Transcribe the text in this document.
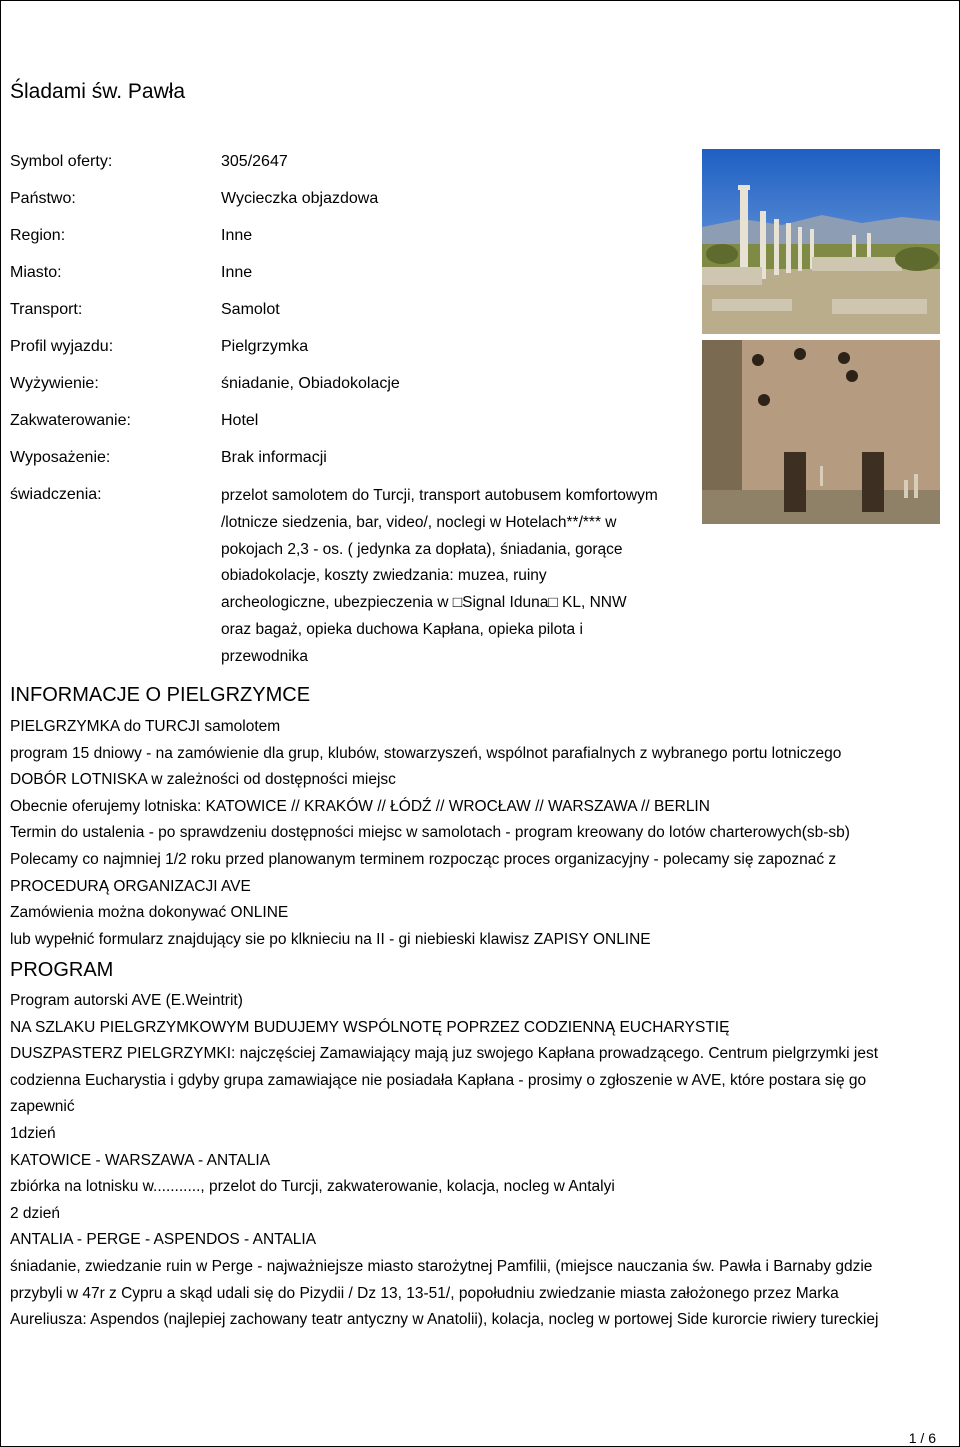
Śladami św. Pawła
Symbol oferty:	305/2647
Państwo:	Wycieczka objazdowa
Region:	Inne
Miasto:	Inne
Transport:	Samolot
Profil wyjazdu:	Pielgrzymka
Wyżywienie:	śniadanie, Obiadokolacje
Zakwaterowanie:	Hotel
Wyposażenie:	Brak informacji
świadczenia:	przelot samolotem do Turcji, transport autobusem komfortowym
/lotnicze siedzenia, bar, video/, noclegi w Hotelach**/*** w
pokojach 2,3 - os. ( jedynka za dopłata), śniadania, gorące
obiadokolacje, koszty zwiedzania: muzea, ruiny
archeologiczne, ubezpieczenia w □Signal Iduna□ KL, NNW
oraz bagaż, opieka duchowa Kapłana, opieka pilota i
przewodnika
INFORMACJE O PIELGRZYMCE

PIELGRZYMKA do TURCJI samolotem

program 15 dniowy - na zamówienie dla grup, klubów, stowarzyszeń, wspólnot parafialnych z wybranego portu lotniczego

DOBÓR LOTNISKA w zależności od dostępności miejsc

Obecnie oferujemy lotniska: KATOWICE // KRAKÓW // ŁÓDŹ // WROCŁAW // WARSZAWA // BERLIN

Termin do ustalenia - po sprawdzeniu dostępności miejsc w samolotach - program kreowany do lotów charterowych(sb-sb)

Polecamy co najmniej 1/2 roku przed planowanym terminem rozpocząc proces organizacyjny - polecamy się zapoznać z

PROCEDURĄ ORGANIZACJI AVE

Zamówienia można dokonywać ONLINE

lub wypełnić formularz znajdujący sie po klknieciu na II - gi niebieski klawisz ZAPISY ONLINE

PROGRAM

Program autorski AVE (E.Weintrit)

NA SZLAKU PIELGRZYMKOWYM BUDUJEMY WSPÓLNOTĘ POPRZEZ CODZIENNĄ EUCHARYSTIĘ

DUSZPASTERZ PIELGRZYMKI: najczęściej Zamawiający mają juz swojego Kapłana prowadzącego. Centrum pielgrzymki jest

codzienna Eucharystia i gdyby grupa zamawiające nie posiadała Kapłana - prosimy o zgłoszenie w AVE, które postara się go

zapewnić

1dzień

KATOWICE - WARSZAWA - ANTALIA

zbiórka na lotnisku w..........., przelot do Turcji, zakwaterowanie, kolacja, nocleg w Antalyi

2 dzień

ANTALIA - PERGE - ASPENDOS - ANTALIA

śniadanie, zwiedzanie ruin w Perge - najważniejsze miasto starożytnej Pamfilii, (miejsce nauczania św. Pawła i Barnaby gdzie

przybyli w 47r z Cypru a skąd udali się do Pizydii / Dz 13, 13-51/, popołudniu zwiedzanie miasta założonego przez Marka

Aureliusza: Aspendos (najlepiej zachowany teatr antyczny w Anatolii), kolacja, nocleg w portowej Side kurorcie riwiery tureckiej

1 / 6
